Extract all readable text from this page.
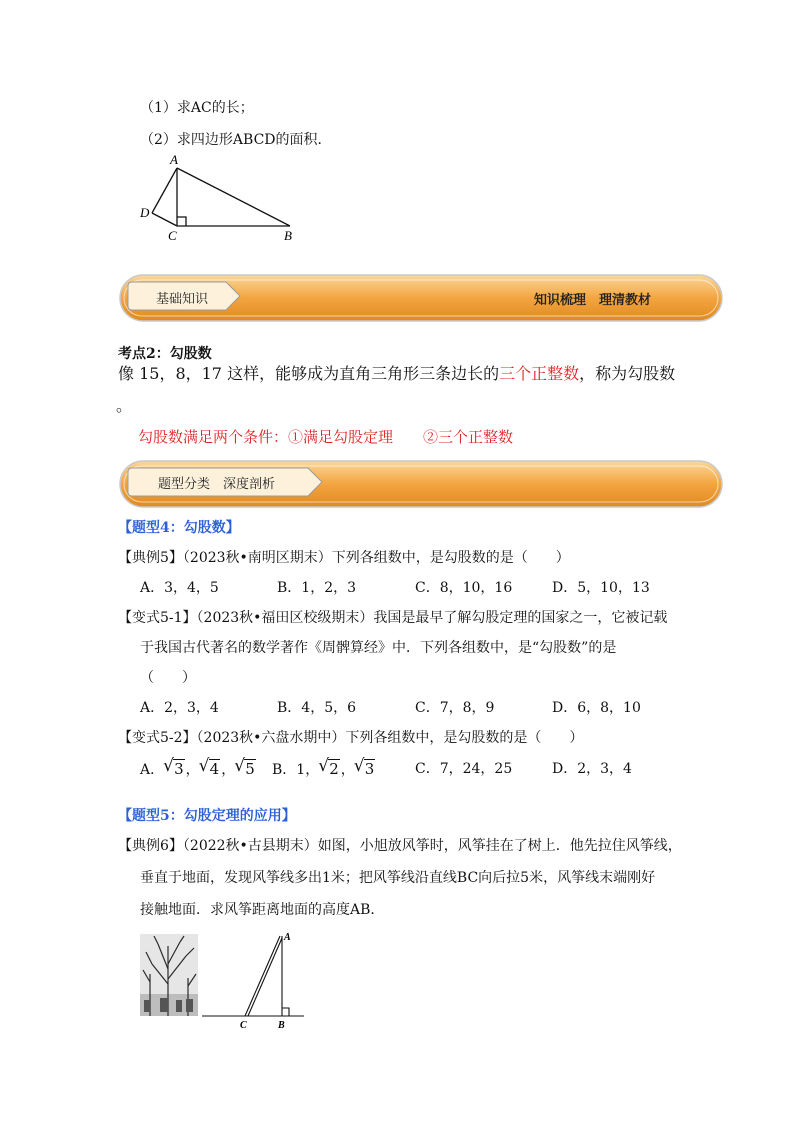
（1）求AC的长；
（2）求四边形ABCD的面积．
A
D
C	B
基础知识	知识梳理　理清教材
考点2：勾股数
像 15，8，17 这样，能够成为直角三角形三条边长的三个正整数，称为勾股数
。
勾股数满足两个条件：①满足勾股定理　　②三个正整数
题型分类　深度剖析
【题型4：勾股数】
【典例5】（2023秋•南明区期末）下列各组数中，是勾股数的是（　　）
A．3，4，5	B．1，2，3	C．8，10，16	D．5，10，13
【变式5-1】（2023秋•福田区校级期末）我国是最早了解勾股定理的国家之一，它被记载
于我国古代著名的数学著作《周髀算经》中．下列各组数中，是“勾股数”的是
（　　）
A．2，3，4	B．4，5，6	C．7，8，9	D．6，8，10
【变式5-2】（2023秋•六盘水期中）下列各组数中，是勾股数的是（　　）
A． √ 3 ， √ 4 ， √ 5 B．1， √ 2 ， √ 3	C．7，24，25	D．2，3，4
【题型5：勾股定理的应用】
【典例6】（2022秋•古县期末）如图，小旭放风筝时，风筝挂在了树上．他先拉住风筝线，
垂直于地面，发现风筝线多出1米；把风筝线沿直线BC向后拉5米，风筝线末端刚好
接触地面．求风筝距离地面的高度AB．
A
C	B
